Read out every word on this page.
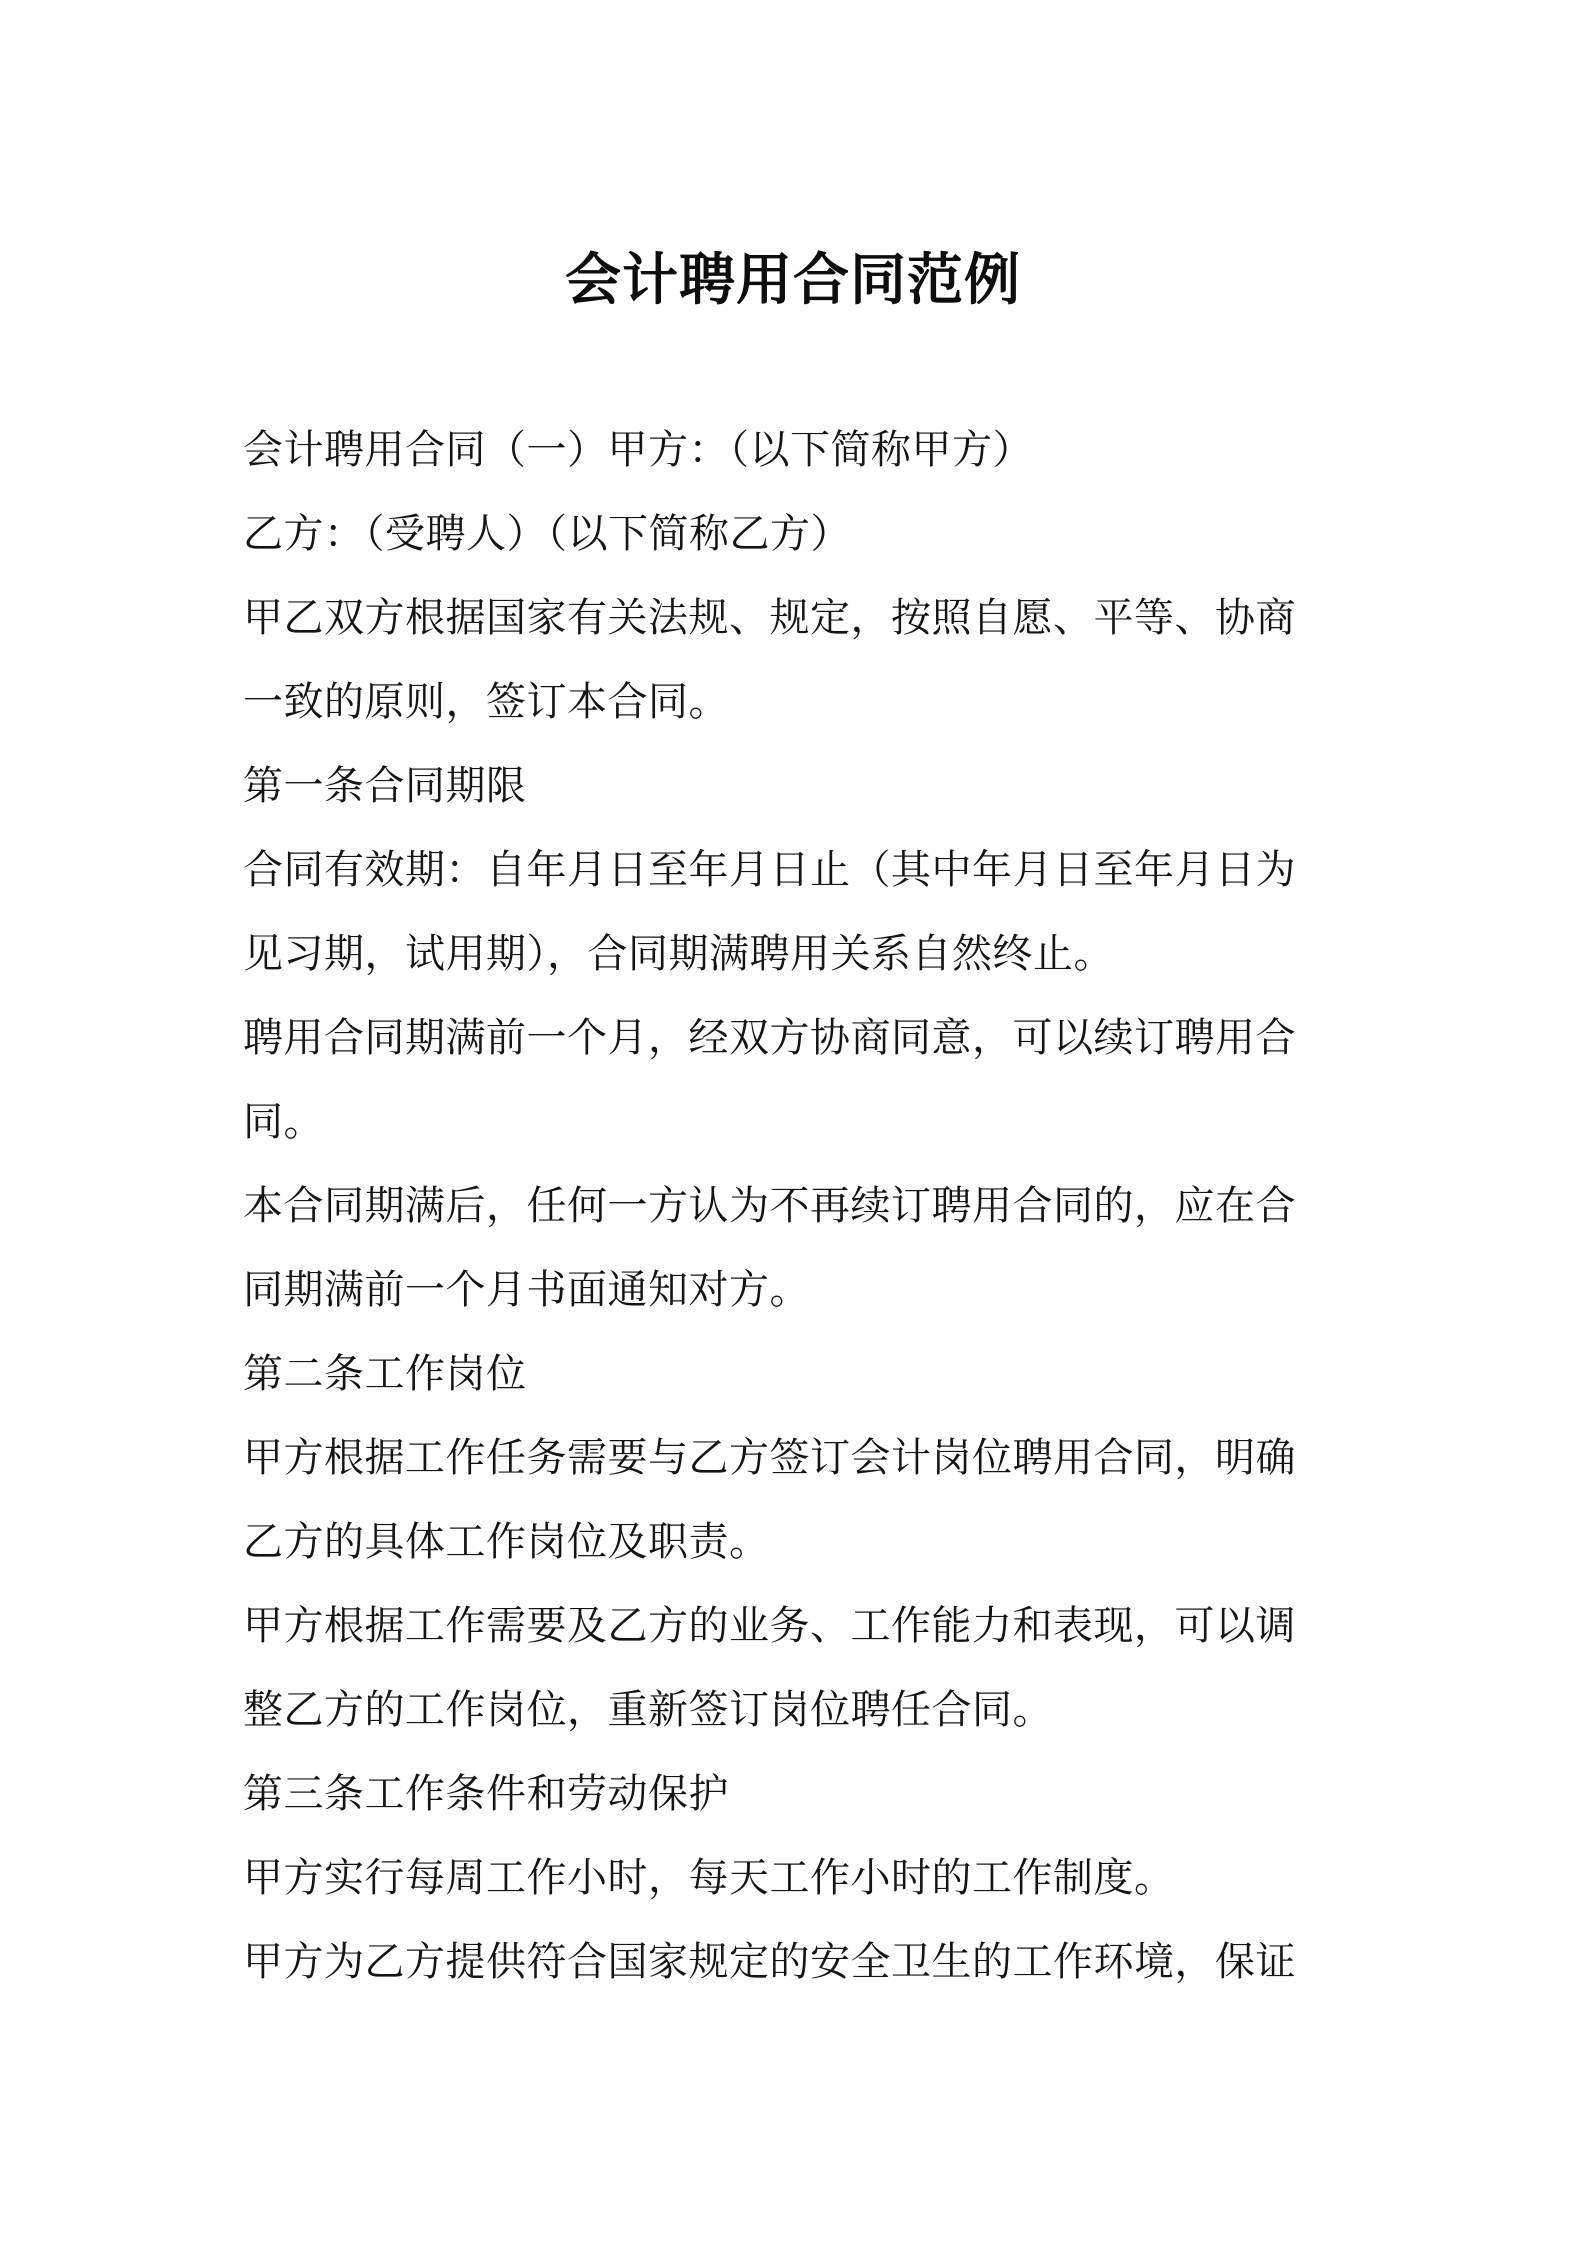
会计聘用合同范例
会计聘用合同（一）甲方：（以下简称甲方）
乙方：（受聘人）（以下简称乙方）
甲乙双方根据国家有关法规、规定，按照自愿、平等、协商
一致的原则，签订本合同。
第一条合同期限
合同有效期：自年月日至年月日止（其中年月日至年月日为
见习期，试用期），合同期满聘用关系自然终止。
聘用合同期满前一个月，经双方协商同意，可以续订聘用合
同。
本合同期满后，任何一方认为不再续订聘用合同的，应在合
同期满前一个月书面通知对方。
第二条工作岗位
甲方根据工作任务需要与乙方签订会计岗位聘用合同，明确
乙方的具体工作岗位及职责。
甲方根据工作需要及乙方的业务、工作能力和表现，可以调
整乙方的工作岗位，重新签订岗位聘任合同。
第三条工作条件和劳动保护
甲方实行每周工作小时，每天工作小时的工作制度。
甲方为乙方提供符合国家规定的安全卫生的工作环境，保证
